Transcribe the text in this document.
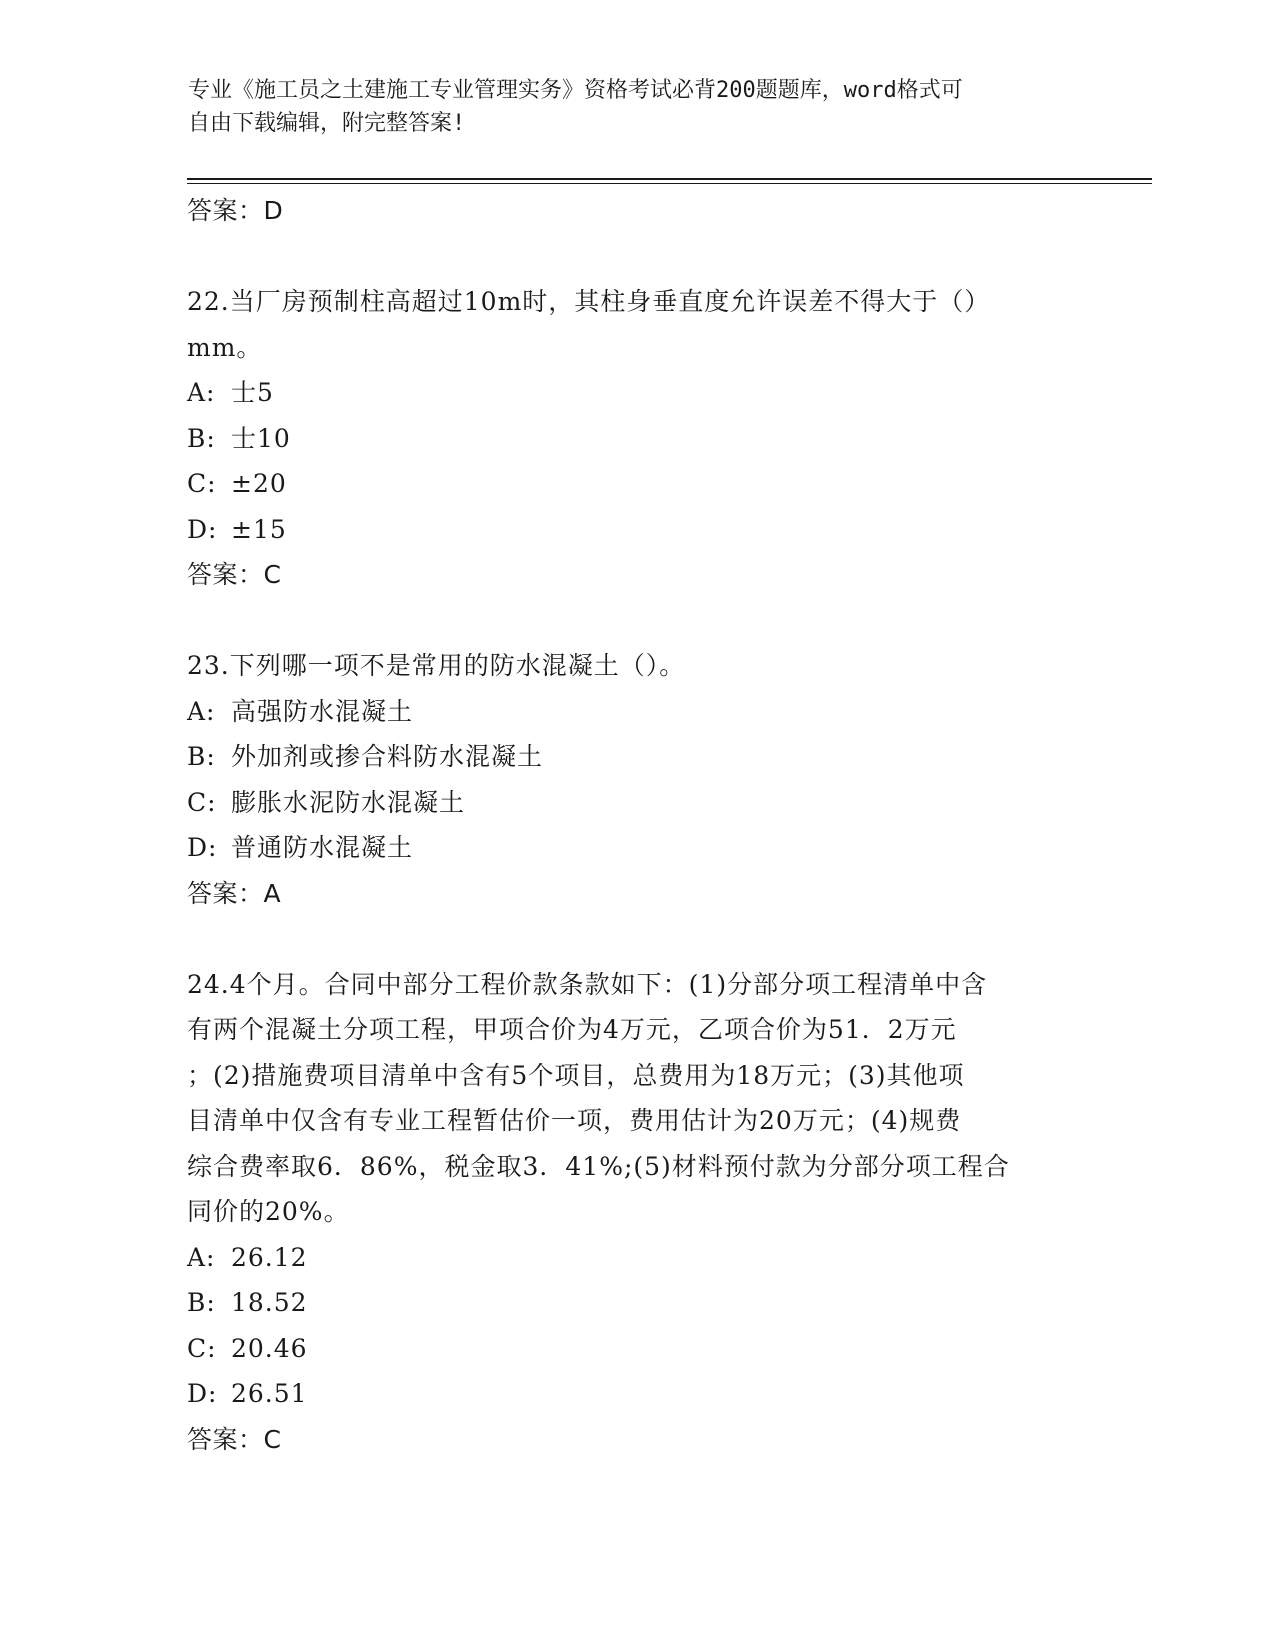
专业《施工员之土建施工专业管理实务》资格考试必背200题题库，word格式可
自由下载编辑，附完整答案!
答案：D
22.当厂房预制柱高超过10m时，其柱身垂直度允许误差不得大于（）
mm。
A: 士5
B: 士10
C: ±20
D: ±15
答案：C
23.下列哪一项不是常用的防水混凝土（）。
A: 高强防水混凝土
B: 外加剂或掺合料防水混凝土
C: 膨胀水泥防水混凝土
D: 普通防水混凝土
答案：A
24.4个月。合同中部分工程价款条款如下：(1)分部分项工程清单中含
有两个混凝土分项工程，甲项合价为4万元，乙项合价为51．2万元
；(2)措施费项目清单中含有5个项目，总费用为18万元；(3)其他项
目清单中仅含有专业工程暂估价一项，费用估计为20万元；(4)规费
综合费率取6．86%，税金取3．41%;(5)材料预付款为分部分项工程合
同价的20%。
A: 26.12
B: 18.52
C: 20.46
D: 26.51
答案：C
